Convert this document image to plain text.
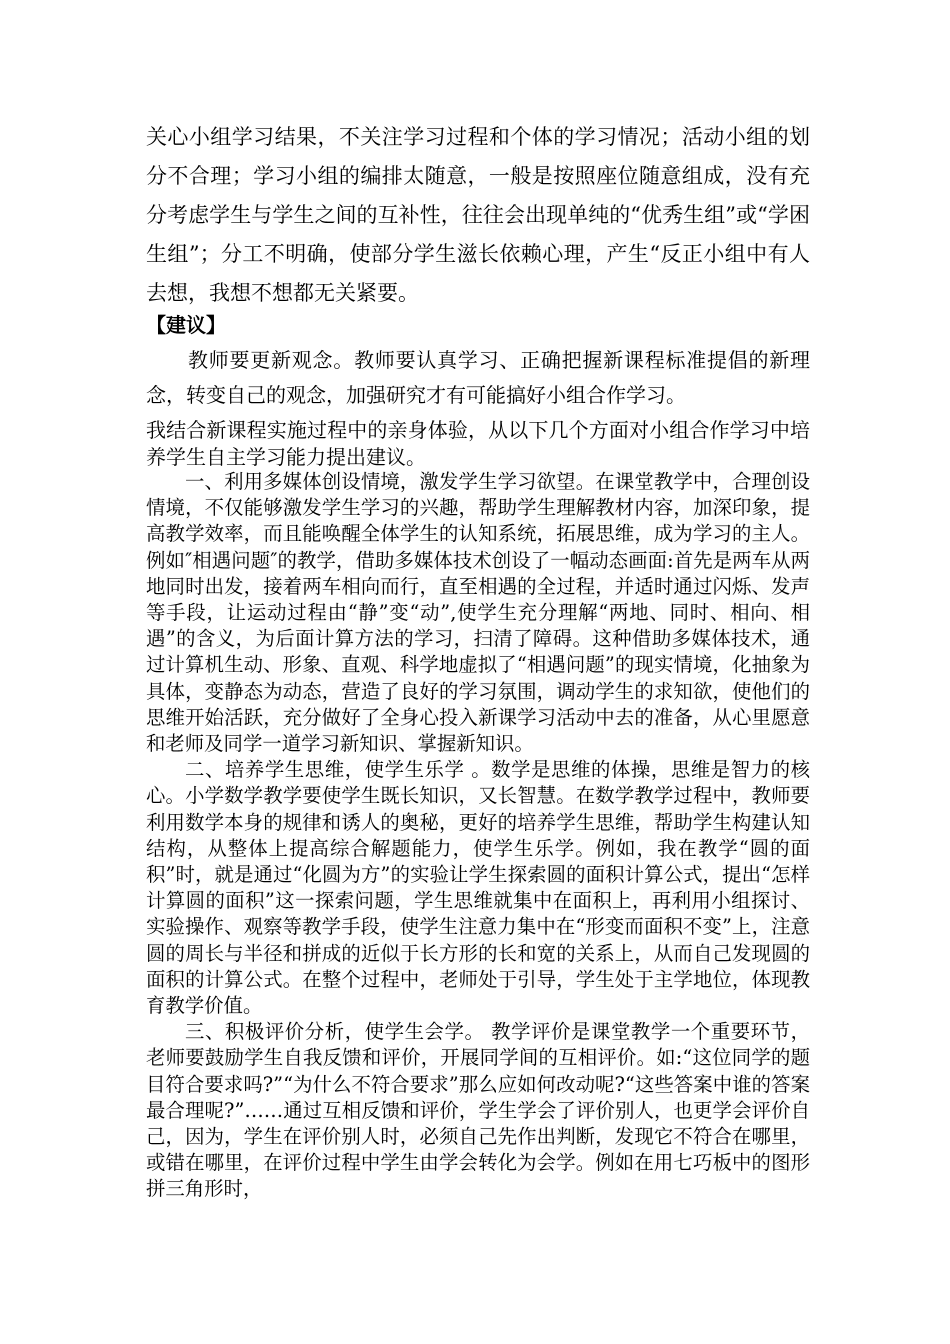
关心小组学习结果，不关注学习过程和个体的学习情况；活动小组的划分不合理；学习小组的编排太随意，一般是按照座位随意组成，没有充分考虑学生与学生之间的互补性，往往会出现单纯的“优秀生组”或“学困生组”；分工不明确，使部分学生滋长依赖心理，产生“反正小组中有人去想，我想不想都无关紧要。

【建议】

教师要更新观念。教师要认真学习、正确把握新课程标准提倡的新理念，转变自己的观念，加强研究才有可能搞好小组合作学习。

我结合新课程实施过程中的亲身体验，从以下几个方面对小组合作学习中培养学生自主学习能力提出建议。

一、利用多媒体创设情境，激发学生学习欲望。在课堂教学中，合理创设情境，不仅能够激发学生学习的兴趣，帮助学生理解教材内容，加深印象，提高教学效率，而且能唤醒全体学生的认知系统，拓展思维，成为学习的主人。例如″相遇问题″的教学，借助多媒体技术创设了一幅动态画面:首先是两车从两地同时出发，接着两车相向而行，直至相遇的全过程，并适时通过闪烁、发声等手段，让运动过程由“静”变“动”,使学生充分理解“两地、同时、相向、相遇”的含义，为后面计算方法的学习，扫清了障碍。这种借助多媒体技术，通过计算机生动、形象、直观、科学地虚拟了“相遇问题”的现实情境，化抽象为具体，变静态为动态，营造了良好的学习氛围，调动学生的求知欲，使他们的思维开始活跃，充分做好了全身心投入新课学习活动中去的准备，从心里愿意和老师及同学一道学习新知识、掌握新知识。

二、培养学生思维，使学生乐学 。数学是思维的体操，思维是智力的核心。小学数学教学要使学生既长知识，又长智慧。在数学教学过程中，教师要利用数学本身的规律和诱人的奥秘，更好的培养学生思维，帮助学生构建认知结构，从整体上提高综合解题能力，使学生乐学。例如，我在教学“圆的面积”时，就是通过“化圆为方”的实验让学生探索圆的面积计算公式，提出“怎样计算圆的面积”这一探索问题，学生思维就集中在面积上，再利用小组探讨、实验操作、观察等教学手段，使学生注意力集中在“形变而面积不变”上，注意圆的周长与半径和拼成的近似于长方形的长和宽的关系上，从而自己发现圆的面积的计算公式。在整个过程中，老师处于引导，学生处于主学地位，体现教育教学价值。

三、积极评价分析，使学生会学。 教学评价是课堂教学一个重要环节，老师要鼓励学生自我反馈和评价，开展同学间的互相评价。如:“这位同学的题目符合要求吗?”“为什么不符合要求”那么应如何改动呢?“这些答案中谁的答案最合理呢?”……通过互相反馈和评价，学生学会了评价别人，也更学会评价自己，因为，学生在评价别人时，必须自己先作出判断，发现它不符合在哪里，或错在哪里，在评价过程中学生由学会转化为会学。例如在用七巧板中的图形拼三角形时，
